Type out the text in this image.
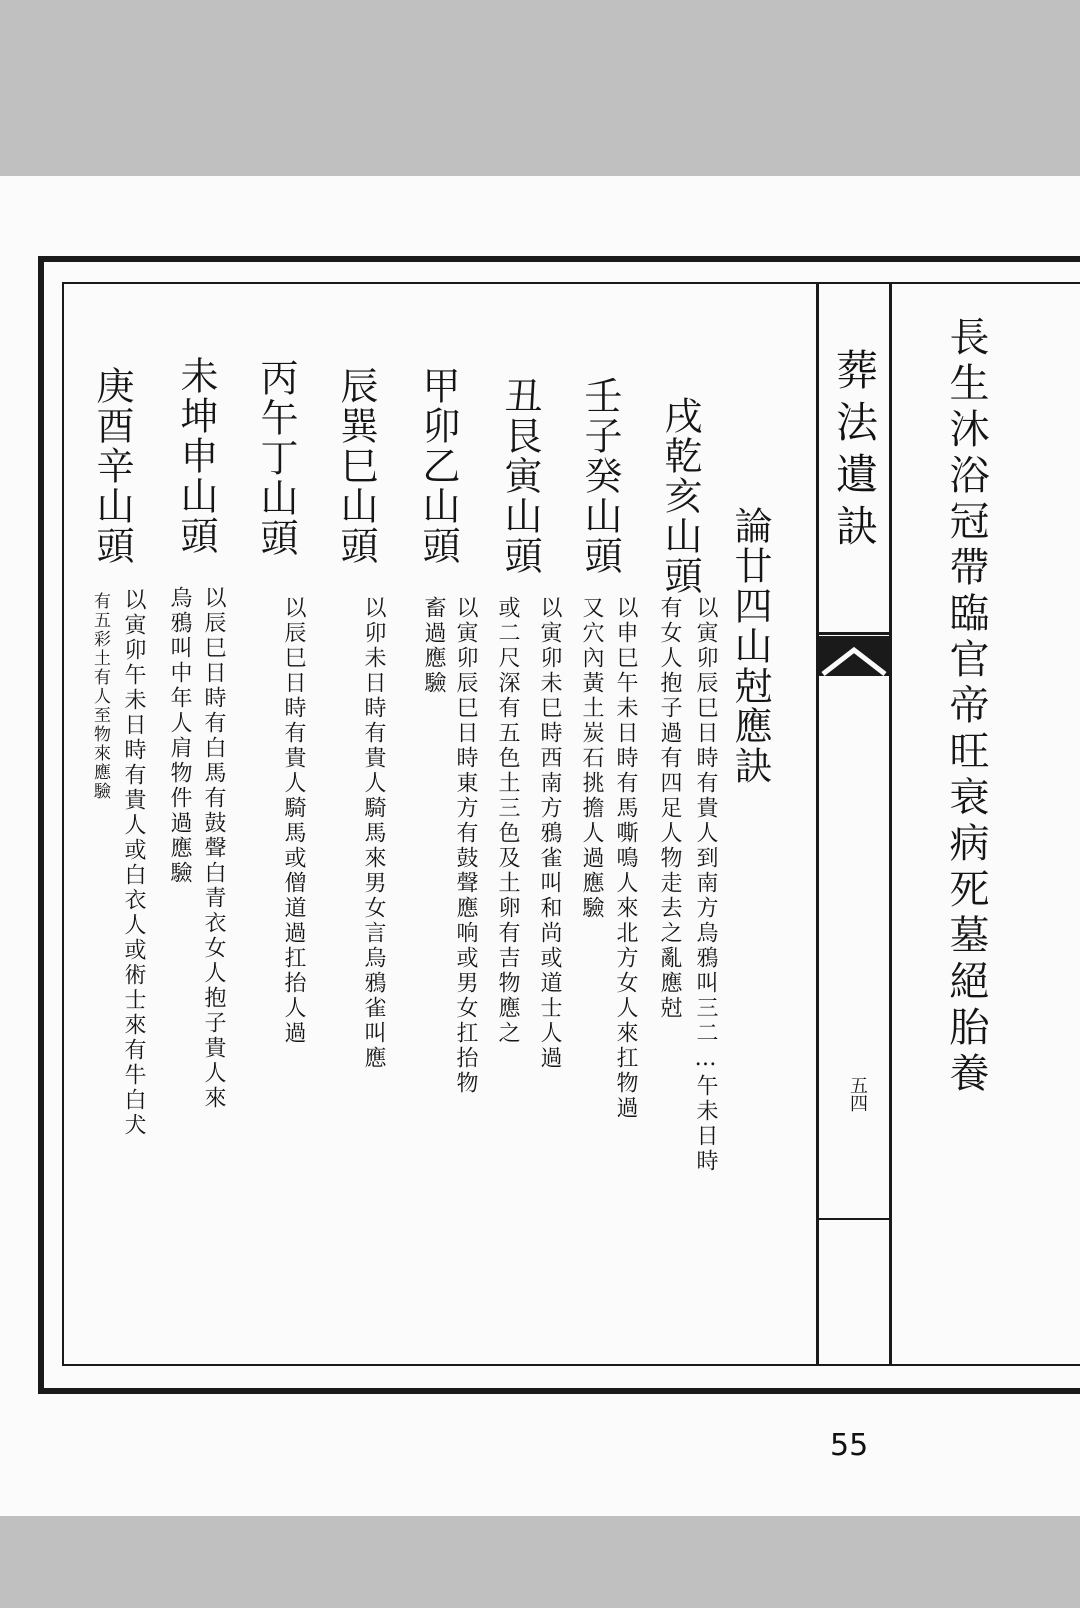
葬法遺訣
五四 長生沐浴冠帶臨官帝旺衰病死墓絕胎養
論廿四山尅應訣
戌乾亥山頭
以寅卯辰巳日時有貴人到南方烏鴉叫三二…午未日時
有女人抱子過有四足人物走去之亂應尅
壬子癸山頭
以申巳午未日時有馬嘶鳴人來北方女人來扛物過
又穴內黃土炭石挑擔人過應驗
丑艮寅山頭
以寅卯未巳時西南方鴉雀叫和尚或道士人過
或二尺深有五色土三色及土卵有吉物應之
甲卯乙山頭
以寅卯辰巳日時東方有鼓聲應响或男女扛抬物
畜過應驗
辰巽巳山頭
以卯未日時有貴人騎馬來男女言烏鴉雀叫應
丙午丁山頭
以辰巳日時有貴人騎馬或僧道過扛抬人過
未坤申山頭
以辰巳日時有白馬有鼓聲白青衣女人抱子貴人來
烏鴉叫中年人肩物件過應驗
庚酉辛山頭
以寅卯午未日時有貴人或白衣人或術士來有牛白犬
有五彩土有人至物來應驗
55
